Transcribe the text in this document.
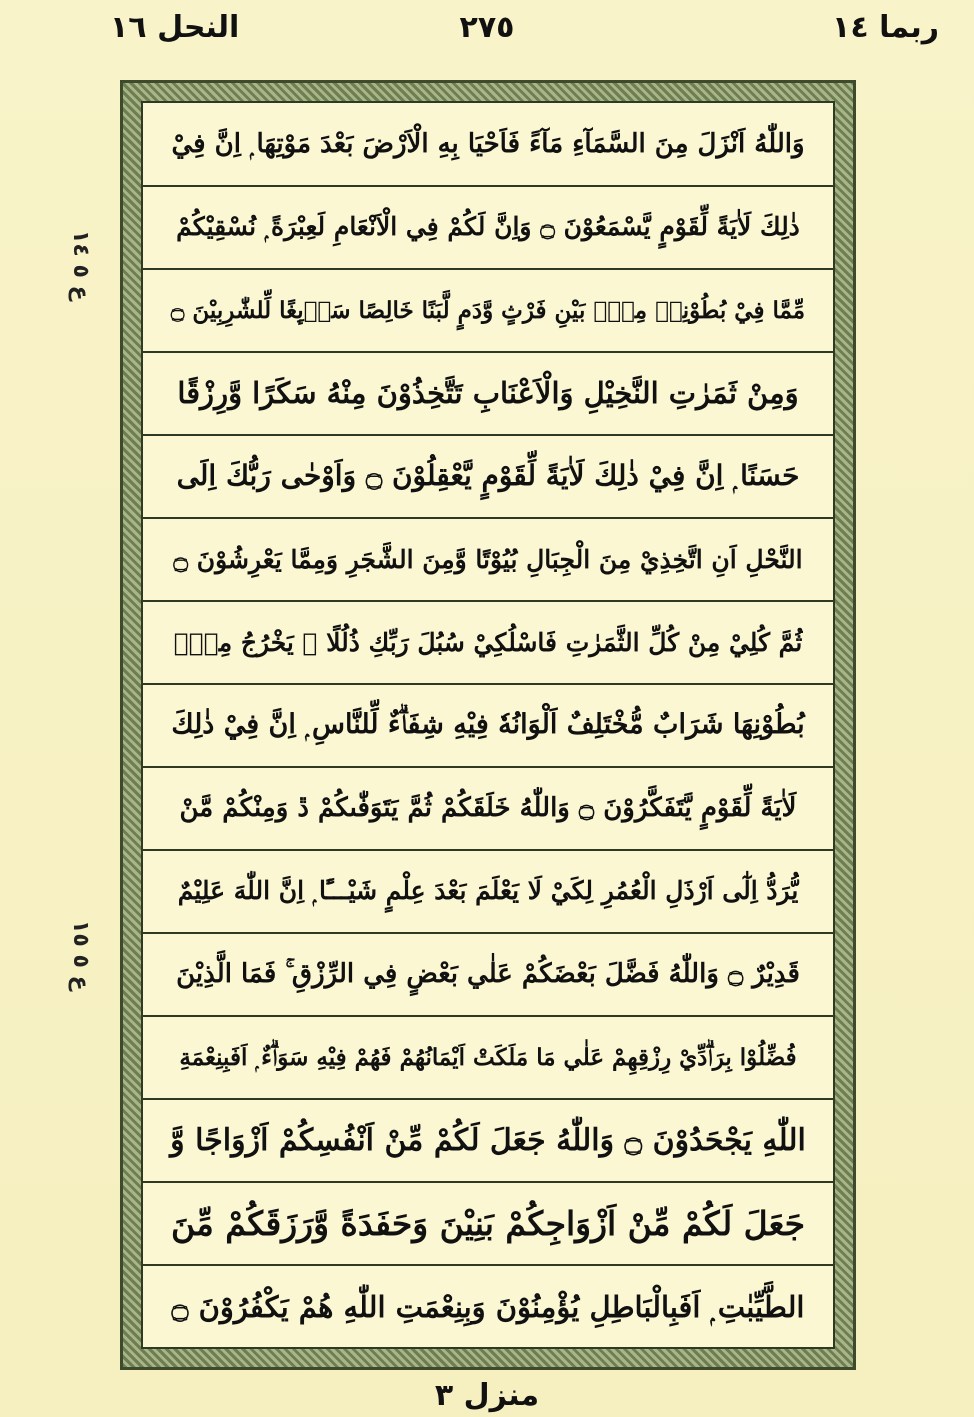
ربما ١٤
٢٧٥
النحل ١٦
ع ٥ ١٤
ع ٥ ١٥
وَاللّٰهُ اَنْزَلَ مِنَ السَّمَآءِ مَآءً فَاَحْيَا بِهِ الْاَرْضَ بَعْدَ مَوْتِهَا ۭ اِنَّ فِيْ
ذٰلِكَ لَاٰيَةً لِّقَوْمٍ يَّسْمَعُوْنَ ۝ وَاِنَّ لَكُمْ فِي الْاَنْعَامِ لَعِبْرَةً ۭ نُسْقِيْكُمْ
مِّمَّا فِيْ بُطُوْنِهٖ مِنْۢ بَيْنِ فَرْثٍ وَّدَمٍ لَّبَنًا خَالِصًا سَاۗىِٕغًا لِّلشّٰرِبِيْنَ ۝
وَمِنْ ثَمَرٰتِ النَّخِيْلِ وَالْاَعْنَابِ تَتَّخِذُوْنَ مِنْهُ سَكَرًا وَّرِزْقًا
حَسَنًا ۭ اِنَّ فِيْ ذٰلِكَ لَاٰيَةً لِّقَوْمٍ يَّعْقِلُوْنَ ۝ وَاَوْحٰى رَبُّكَ اِلَى
النَّحْلِ اَنِ اتَّخِذِيْ مِنَ الْجِبَالِ بُيُوْتًا وَّمِنَ الشَّجَرِ وَمِمَّا يَعْرِشُوْنَ ۝
ثُمَّ كُلِيْ مِنْ كُلِّ الثَّمَرٰتِ فَاسْلُكِيْ سُبُلَ رَبِّكِ ذُلُلًا ۭ يَخْرُجُ مِنْۢ
بُطُوْنِهَا شَرَابٌ مُّخْتَلِفٌ اَلْوَانُهٗ فِيْهِ شِفَاۗءٌ لِّلنَّاسِ ۭ اِنَّ فِيْ ذٰلِكَ
لَاٰيَةً لِّقَوْمٍ يَّتَفَكَّرُوْنَ ۝ وَاللّٰهُ خَلَقَكُمْ ثُمَّ يَتَوَفّٰىكُمْ ڐ وَمِنْكُمْ مَّنْ
يُّرَدُّ اِلٰٓى اَرْذَلِ الْعُمُرِ لِكَيْ لَا يَعْلَمَ بَعْدَ عِلْمٍ شَيْـــًٔا ۭ اِنَّ اللّٰهَ عَلِيْمٌ
قَدِيْرٌ ۝ وَاللّٰهُ فَضَّلَ بَعْضَكُمْ عَلٰي بَعْضٍ فِي الرِّزْقِ ۚ فَمَا الَّذِيْنَ
فُضِّلُوْا بِرَاۗدِّيْ رِزْقِهِمْ عَلٰي مَا مَلَكَتْ اَيْمَانُهُمْ فَهُمْ فِيْهِ سَوَاۗءٌ ۭ اَفَبِنِعْمَةِ
اللّٰهِ يَجْحَدُوْنَ ۝ وَاللّٰهُ جَعَلَ لَكُمْ مِّنْ اَنْفُسِكُمْ اَزْوَاجًا وَّ
جَعَلَ لَكُمْ مِّنْ اَزْوَاجِكُمْ بَنِيْنَ وَحَفَدَةً وَّرَزَقَكُمْ مِّنَ
الطَّيِّبٰتِ ۭ اَفَبِالْبَاطِلِ يُؤْمِنُوْنَ وَبِنِعْمَتِ اللّٰهِ هُمْ يَكْفُرُوْنَ ۝
منزل ٣
